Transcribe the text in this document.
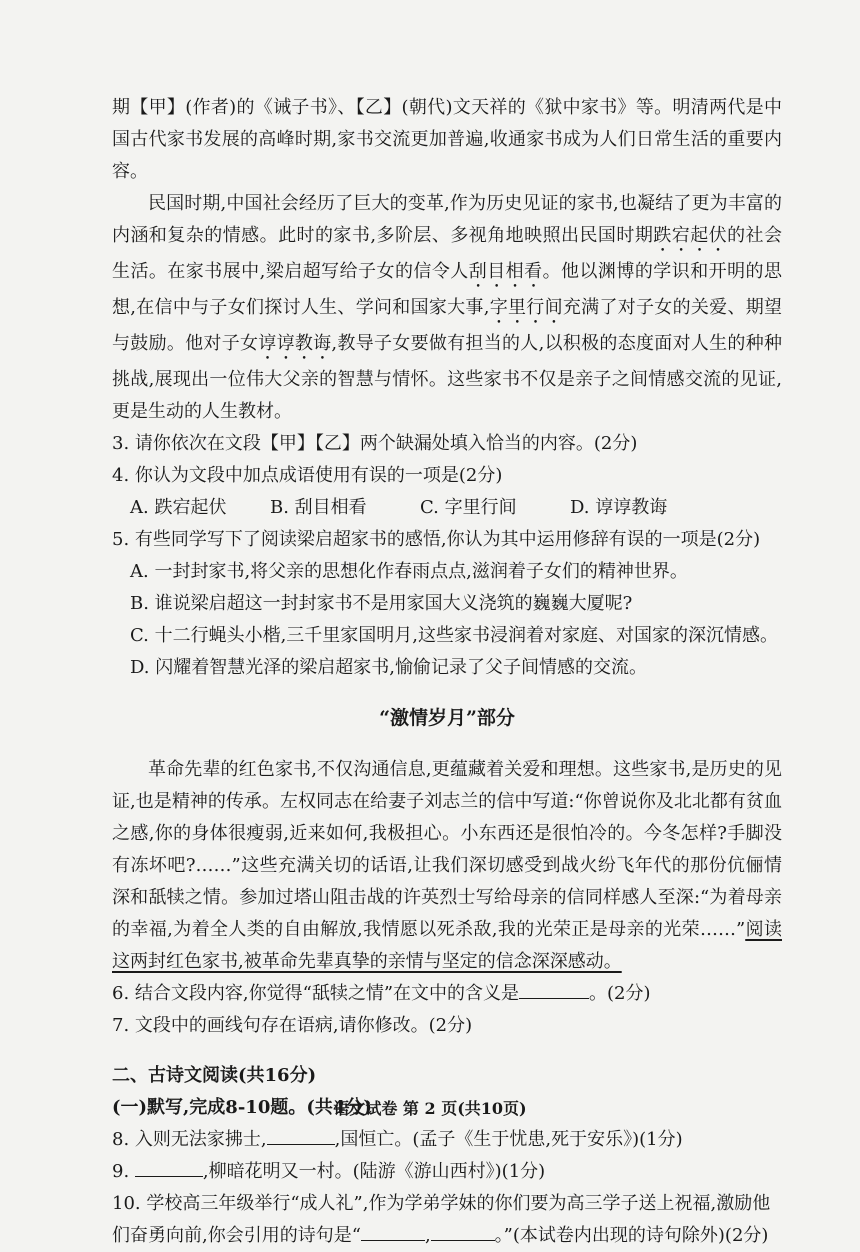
期【甲】(作者)的《诫子书》、【乙】(朝代)文天祥的《狱中家书》等。明清两代是中国古代家书发展的高峰时期,家书交流更加普遍,收通家书成为人们日常生活的重要内容。

民国时期,中国社会经历了巨大的变革,作为历史见证的家书,也凝结了更为丰富的内涵和复杂的情感。此时的家书,多阶层、多视角地映照出民国时期跌宕起伏的社会生活。在家书展中,梁启超写给子女的信令人刮目相看。他以渊博的学识和开明的思想,在信中与子女们探讨人生、学问和国家大事,字里行间充满了对子女的关爱、期望与鼓励。他对子女谆谆教诲,教导子女要做有担当的人,以积极的态度面对人生的种种挑战,展现出一位伟大父亲的智慧与情怀。这些家书不仅是亲子之间情感交流的见证,更是生动的人生教材。

3. 请你依次在文段【甲】【乙】两个缺漏处填入恰当的内容。(2分)

4. 你认为文段中加点成语使用有误的一项是(2分)

A. 跌宕起伏	B. 刮目相看	C. 字里行间	D. 谆谆教诲

5. 有些同学写下了阅读梁启超家书的感悟,你认为其中运用修辞有误的一项是(2分)

A. 一封封家书,将父亲的思想化作春雨点点,滋润着子女们的精神世界。

B. 谁说梁启超这一封封家书不是用家国大义浇筑的巍巍大厦呢?

C. 十二行蝇头小楷,三千里家国明月,这些家书浸润着对家庭、对国家的深沉情感。

D. 闪耀着智慧光泽的梁启超家书,愉偷记录了父子间情感的交流。

“激情岁月”部分

革命先辈的红色家书,不仅沟通信息,更蕴藏着关爱和理想。这些家书,是历史的见证,也是精神的传承。左权同志在给妻子刘志兰的信中写道:“你曾说你及北北都有贫血之感,你的身体很瘦弱,近来如何,我极担心。小东西还是很怕冷的。今冬怎样?手脚没有冻坏吧?……”这些充满关切的话语,让我们深切感受到战火纷飞年代的那份伉俪情深和舐犊之情。参加过塔山阻击战的许英烈士写给母亲的信同样感人至深:“为着母亲的幸福,为着全人类的自由解放,我情愿以死杀敌,我的光荣正是母亲的光荣……”阅读这两封红色家书,被革命先辈真挚的亲情与坚定的信念深深感动。

6. 结合文段内容,你觉得“舐犊之情”在文中的含义是	。(2分)

7. 文段中的画线句存在语病,请你修改。(2分)

二、古诗文阅读(共16分)

(一)默写,完成8-10题。(共4分)

8. 入则无法家拂士,	,国恒亡。(孟子《生于忧患,死于安乐》)(1分)

9.	,柳暗花明又一村。(陆游《游山西村》)(1分)

10. 学校高三年级举行“成人礼”,作为学弟学妹的你们要为高三学子送上祝福,激励他们奋勇向前,你会引用的诗句是“	,	。”(本试卷内出现的诗句除外)(2分)

语文试卷 第 2 页(共10页)
